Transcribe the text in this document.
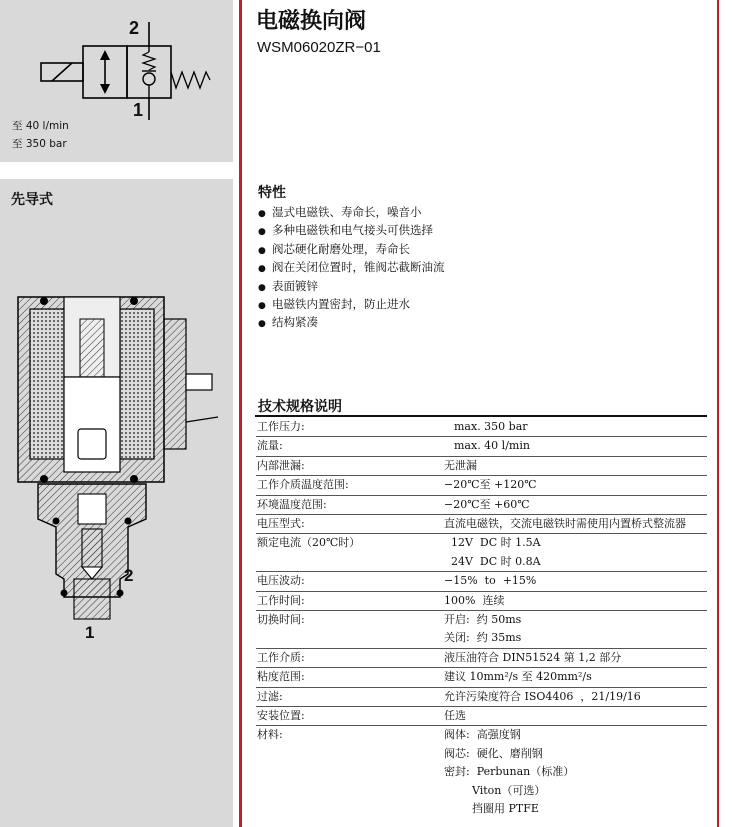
2
1
至 40 l/min
至 350 bar
先导式
2
1
电磁换向阀
WSM06020ZR−01
特性
● 湿式电磁铁、寿命长，噪音小
● 多种电磁铁和电气接头可供选择
● 阀芯硬化耐磨处理，寿命长
● 阀在关闭位置时，锥阀芯截断油流
● 表面镀锌
● 电磁铁内置密封，防止进水
● 结构紧凑
技术规格说明
工作压力:	max. 350 bar

流量:	max. 40 l/min

内部泄漏:	无泄漏

工作介质温度范围:	−20℃至 +120℃

环境温度范围:	−20℃至 +60℃

电压型式:	直流电磁铁，交流电磁铁时需使用内置桥式整流器

额定电流（20℃时）	12V  DC 时 1.5A
24V  DC 时 0.8A

电压波动:	−15%  to  +15%

工作时间:	100%  连续

切换时间:	开启:  约 50ms
关闭:  约 35ms

工作介质:	液压油符合 DIN51524 第 1,2 部分

粘度范围:	建议 10mm²/s 至 420mm²/s

过滤:	允许污染度符合 ISO4406  ，21/19/16

安装位置:	任选

材料:	阀体:  高强度钢
阀芯:  硬化、磨削钢
密封:  Perbunan（标准）
Viton（可选）
挡圈用 PTFE
